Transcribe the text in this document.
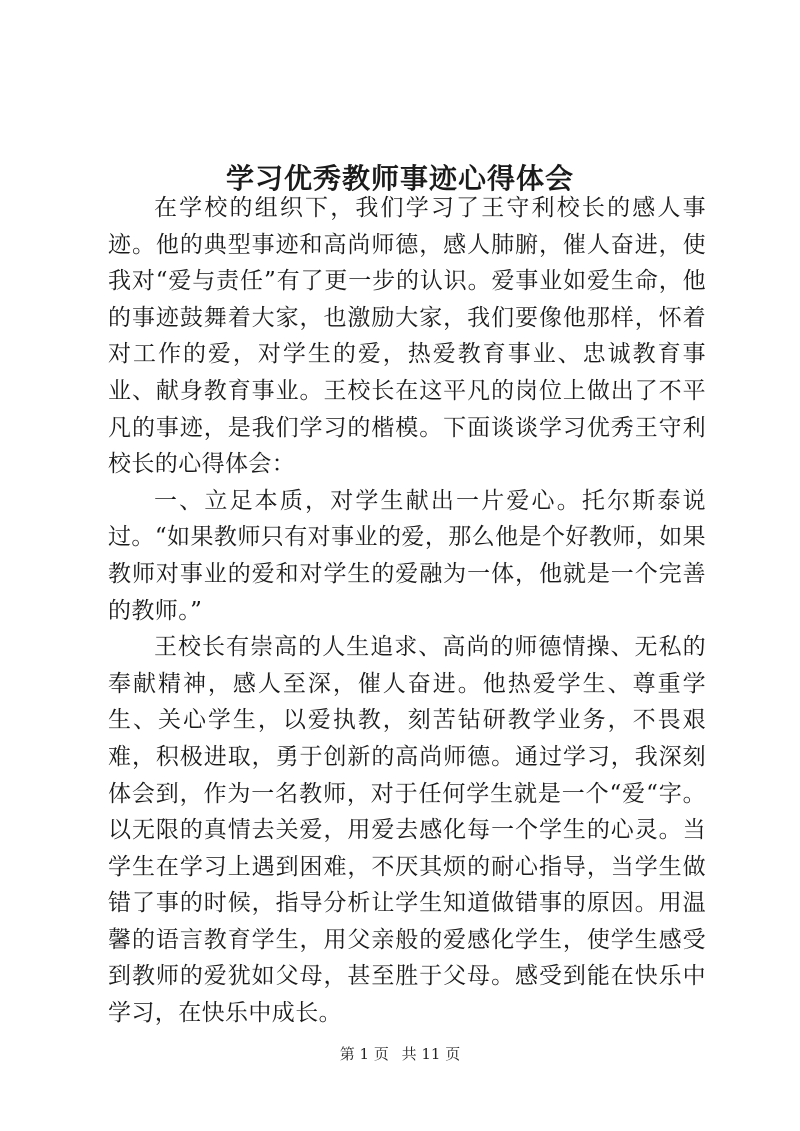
学习优秀教师事迹心得体会

在学校的组织下，我们学习了王守利校长的感人事迹。他的典型事迹和高尚师德，感人肺腑，催人奋进，使我对“爱与责任”有了更一步的认识。爱事业如爱生命，他的事迹鼓舞着大家，也激励大家，我们要像他那样，怀着对工作的爱，对学生的爱，热爱教育事业、忠诚教育事业、献身教育事业。王校长在这平凡的岗位上做出了不平凡的事迹，是我们学习的楷模。下面谈谈学习优秀王守利校长的心得体会：

一、立足本质，对学生献出一片爱心。托尔斯泰说过。“如果教师只有对事业的爱，那么他是个好教师，如果教师对事业的爱和对学生的爱融为一体，他就是一个完善的教师。”

王校长有崇高的人生追求、高尚的师德情操、无私的奉献精神，感人至深，催人奋进。他热爱学生、尊重学生、关心学生，以爱执教，刻苦钻研教学业务，不畏艰难，积极进取，勇于创新的高尚师德。通过学习，我深刻体会到，作为一名教师，对于任何学生就是一个“爱“字。以无限的真情去关爱，用爱去感化每一个学生的心灵。当学生在学习上遇到困难，不厌其烦的耐心指导，当学生做错了事的时候，指导分析让学生知道做错事的原因。用温馨的语言教育学生，用父亲般的爱感化学生，使学生感受到教师的爱犹如父母，甚至胜于父母。感受到能在快乐中学习，在快乐中成长。

第 1 页 共 11 页
